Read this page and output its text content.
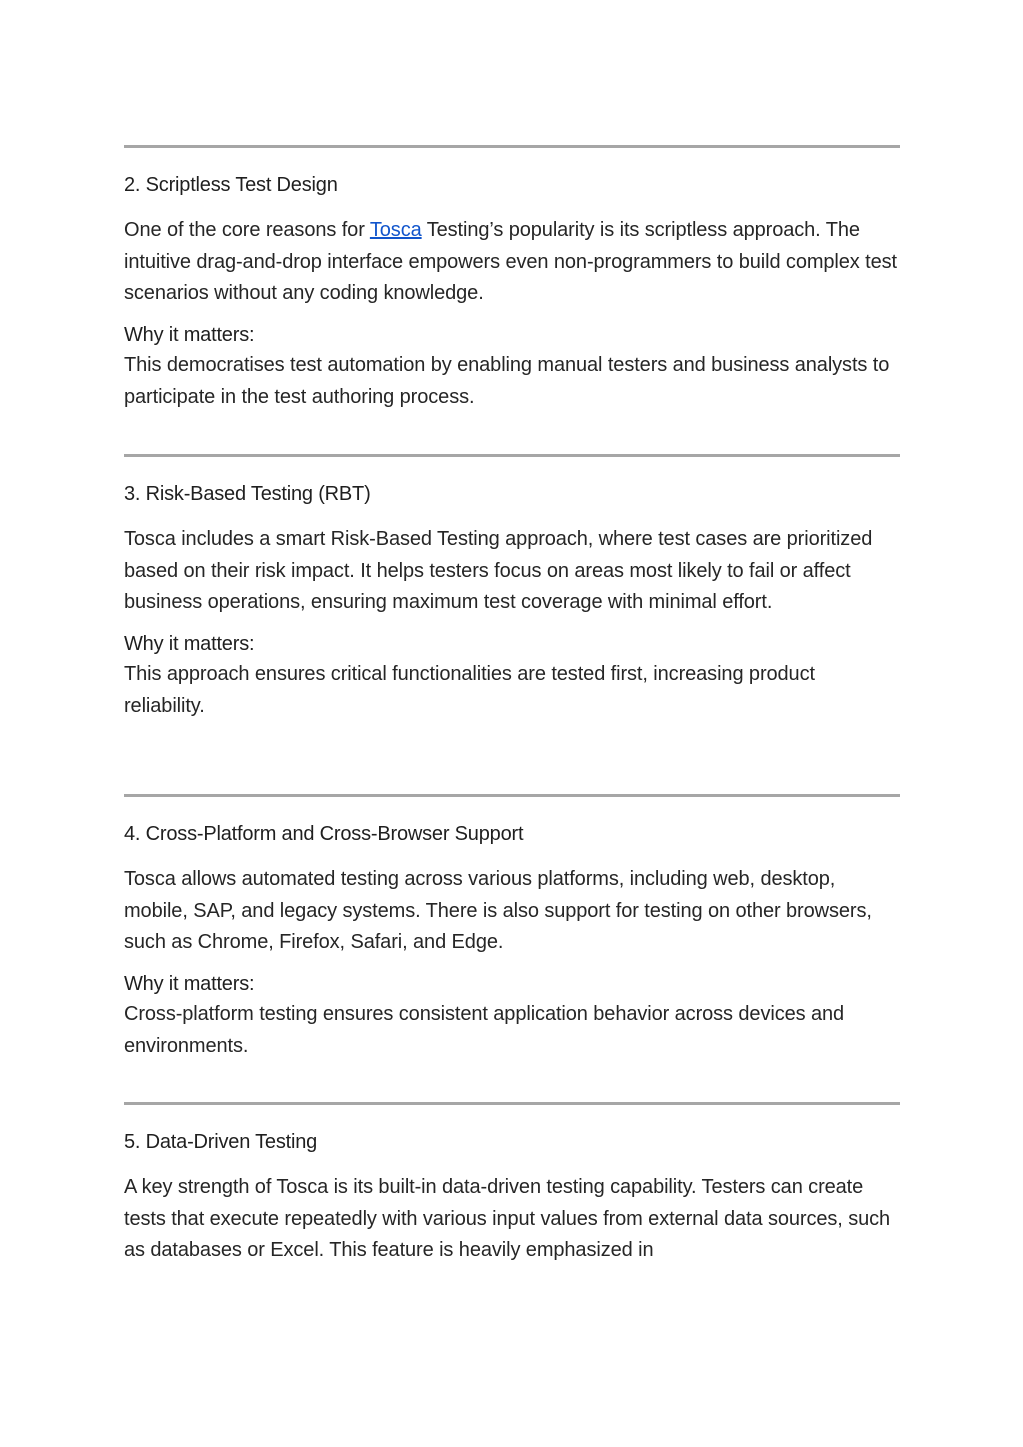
2. Scriptless Test Design
One of the core reasons for Tosca Testing’s popularity is its scriptless approach. The intuitive drag-and-drop interface empowers even non-programmers to build complex test scenarios without any coding knowledge.
Why it matters:
This democratises test automation by enabling manual testers and business analysts to participate in the test authoring process.
3. Risk-Based Testing (RBT)
Tosca includes a smart Risk-Based Testing approach, where test cases are prioritized based on their risk impact. It helps testers focus on areas most likely to fail or affect business operations, ensuring maximum test coverage with minimal effort.
Why it matters:
This approach ensures critical functionalities are tested first, increasing product reliability.
4. Cross-Platform and Cross-Browser Support
Tosca allows automated testing across various platforms, including web, desktop, mobile, SAP, and legacy systems. There is also support for testing on other browsers, such as Chrome, Firefox, Safari, and Edge.
Why it matters:
Cross-platform testing ensures consistent application behavior across devices and environments.
5. Data-Driven Testing
A key strength of Tosca is its built-in data-driven testing capability. Testers can create tests that execute repeatedly with various input values from external data sources, such as databases or Excel. This feature is heavily emphasized in
